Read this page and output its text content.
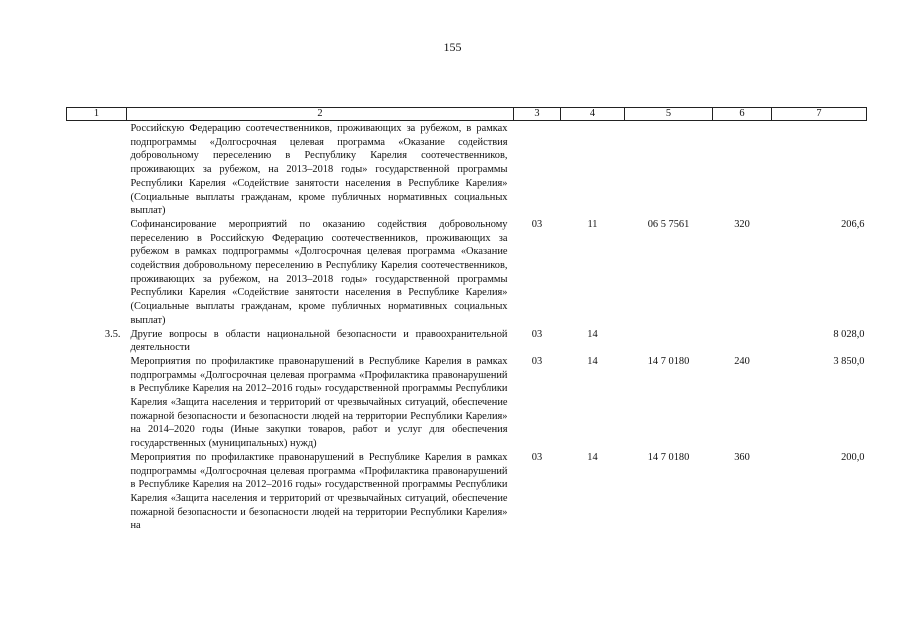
155
1	2	3	4	5	6	7
	Российскую Федерацию соотечественников, проживающих за рубежом, в рамках подпрограммы «Долгосрочная целевая программа «Оказание содействия добровольному переселению в Республику Карелия соотечественников, проживающих за рубежом, на 2013–2018 годы» государственной программы Республики Карелия «Содействие занятости населения в Республике Карелия» (Социальные выплаты гражданам, кроме публичных нормативных социальных выплат)					
	Софинансирование мероприятий по оказанию содействия добровольному переселению в Российскую Федерацию соотечественников, проживающих за рубежом в рамках подпрограммы «Долгосрочная целевая программа «Оказание содействия добровольному переселению в Республику Карелия соотечественников, проживающих за рубежом, на 2013–2018 годы» государственной программы Республики Карелия «Содействие занятости населения в Республике Карелия» (Социальные выплаты гражданам, кроме публичных нормативных социальных выплат)	03	11	06 5 7561	320	206,6
3.5.	Другие вопросы в области национальной безопасности и правоохранительной деятельности	03	14			8 028,0
	Мероприятия по профилактике правонарушений в Республике Карелия в рамках подпрограммы «Долгосрочная целевая программа «Профилактика правонарушений в Республике Карелия на 2012–2016 годы» государственной программы Республики Карелия «Защита населения и территорий от чрезвычайных ситуаций, обеспечение пожарной безопасности и безопасности людей на территории Республики Карелия» на 2014–2020 годы (Иные закупки товаров, работ и услуг для обеспечения государственных (муниципальных) нужд)	03	14	14 7 0180	240	3 850,0
	Мероприятия по профилактике правонарушений в Республике Карелия в рамках подпрограммы «Долгосрочная целевая программа «Профилактика правонарушений в Республике Карелия на 2012–2016 годы» государственной программы Республики Карелия «Защита населения и территорий от чрезвычайных ситуаций, обеспечение пожарной безопасности и безопасности людей на территории Республики Карелия» на	03	14	14 7 0180	360	200,0
